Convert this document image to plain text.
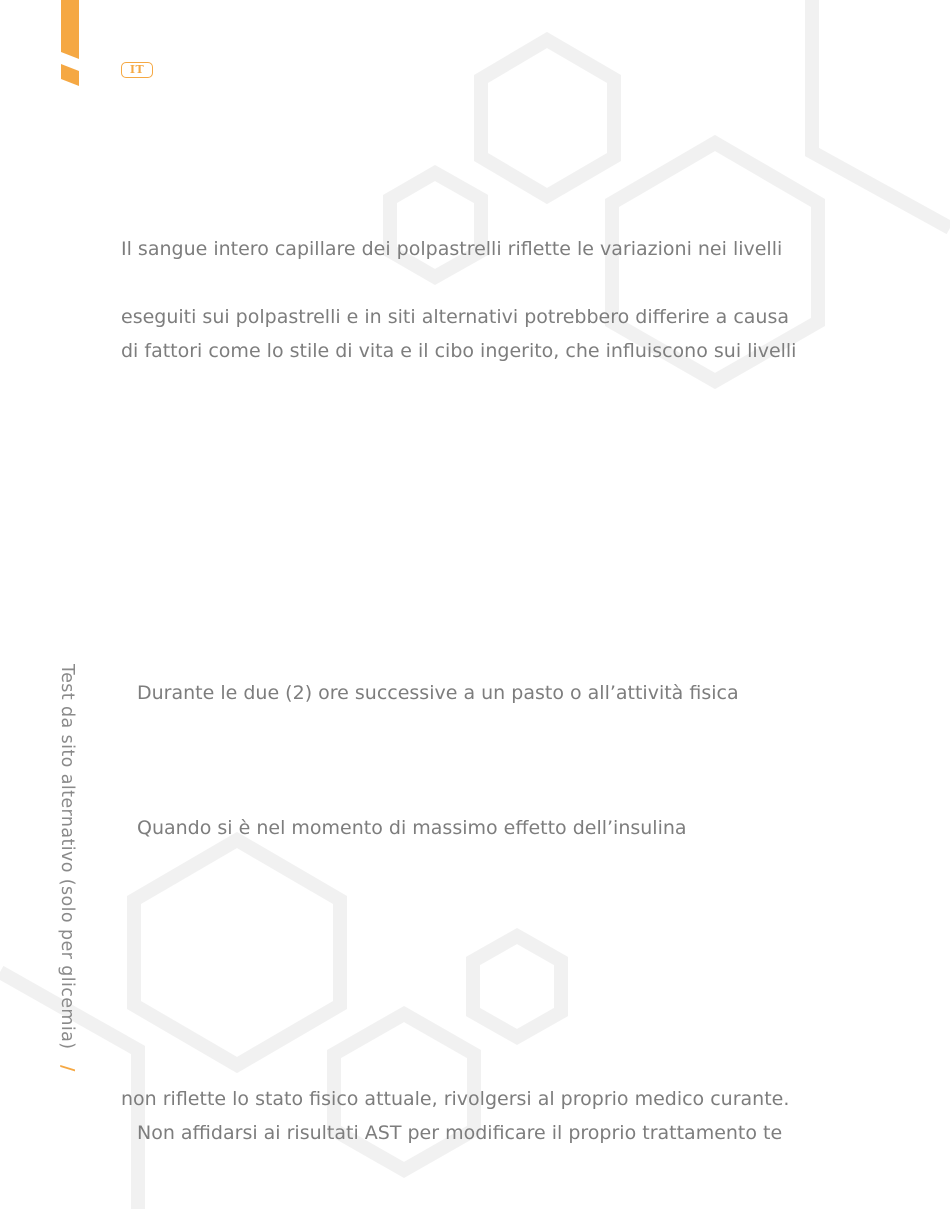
IT
Il sangue intero capillare dei polpastrelli riflette le variazioni nei livelli
eseguiti sui polpastrelli e in siti alternativi potrebbero differire a causa
di fattori come lo stile di vita e il cibo ingerito, che influiscono sui livelli
Durante le due (2) ore successive a un pasto o all’attività fisica
Quando si è nel momento di massimo effetto dell’insulina
non riflette lo stato fisico attuale, rivolgersi al proprio medico curante.
Non affidarsi ai risultati AST per modificare il proprio trattamento te
Test da sito alternativo (solo per glicemia) /
